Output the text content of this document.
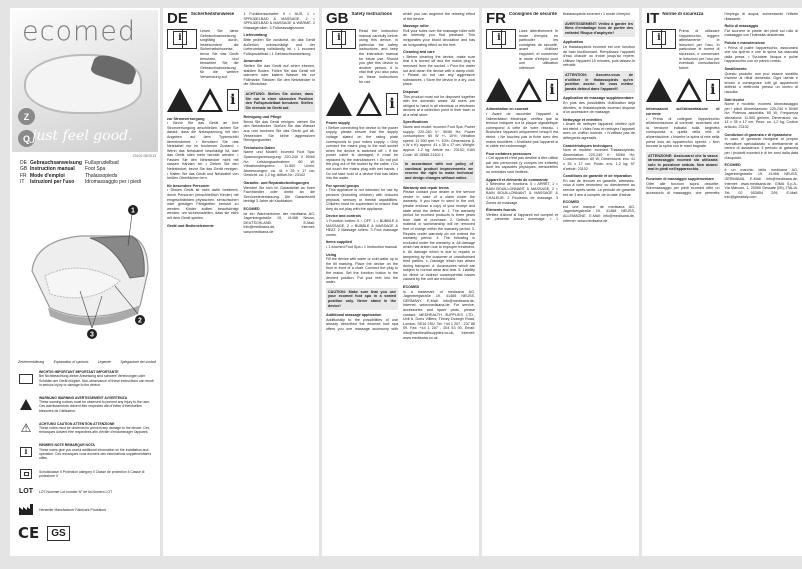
ecomed
Z
Q just feel good.
23102 08/2013
DE Gebrauchsanweisung Fußsprudelbad
GB Instruction manual	Foot Spa
FR Mode d'emploi	Thalassopieds
IT	Istruzioni per l'uso	Idromassaggio per i piedi
1
2
3
Zeichenerklärung	Explanation of symbols	Légende	Spiegazione dei simboli
WICHTIG IMPORTANT IMPORTANT IMPORTANTE
Bei Nichtbeachtung dieser Anweisung sind schwere Verletzungen oder Schäden am Gerät möglich. Non-observance of these instructions can result in serious injury or damage to the device.
WARNUNG WARNING AVERTISSEMENT AVVERTENZA
These warning notices must be observed to prevent any injury to the user. Ces avertissements doivent être respectés afin d'éviter d'éventuelles blessures de l'utilisateur.
⚠ ACHTUNG CAUTION ATTENTION ATTENZIONE
These notes must be observed to prevent any damage to the device. Ces remarques doivent être respectées afin d'éviter d'endommager l'appareil.
i
HINWEIS NOTE REMARQUE NOTA
These notes give you useful additional information on the installation and operation. Ces remarques vous donnent des informations supplémentaires utiles.
Schutzklasse II Protection category II Classe de protection II Classe di protezione II
LOT LOT-Nummer Lot number N° de lot Numero LOT
Hersteller Manufacturer Fabricant Produttore
CE	GS
DE Sicherheitshinweise
i
Lesen Sie diese Gebrauchsanweisung sorgfältig durch, insbesondere die Sicherheitshinweise, bevor Sie das Gerät benutzen, und bewahren Sie die Gebrauchsanweisung für die weitere Verwendung auf.
i
zur Stromversorgung

• Bevor Sie das Gerät an Ihre Stromversorgung anschließen, achten Sie darauf, dass die Netzspannung mit den Angaben auf dem Typenschild übereinstimmt. • Benutzen Sie das Netzkabel nur im trockenen Zustand. • Wenn das Netzkabel beschädigt ist, darf das Gerät nicht mehr benutzt werden. • Fassen Sie den Netzstecker nicht mit nassen Händen an. • Ziehen Sie den Netzstecker, bevor Sie das Gerät reinigen. • Halten Sie das Gerät und Netzkabel von heißen Oberflächen fern.

für besondere Personen

• Dieses Gerät ist nicht dafür bestimmt, durch Personen (einschließlich Kinder) mit eingeschränkten physischen, sensorischen oder geistigen Fähigkeiten benutzt zu werden. Kinder sollten beaufsichtigt werden, um sicherzustellen, dass sie nicht mit dem Gerät spielen.

Gerät und Bedienelemente

1 Funktionsschalter: 0 = AUS, 1 = SPRUDELBAD & MASSAGE, 2 = SPRUDELBAD & MASSAGE & WÄRME. 2 Massagerollen. 3 Fußmassagezonen.

Lieferumfang

Bitte prüfen Sie zunächst, ob das Gerät äußerlich unbeschädigt und der Lieferumfang vollständig ist. • 1 ecomed Fußsprudelbad • 1 Gebrauchsanweisung

Anwenden

Stellen Sie das Gerät auf einen ebenen, stabilen Boden. Füllen Sie das Gerät mit warmem oder kaltem Wasser bis zur Füllmarke. Stecken Sie den Netzstecker in die Steckdose.

ACHTUNG: Stellen Sie sicher, dass Sie nur in einer sitzenden Position den Fußsprudelbad benutzen. Stellen Sie niemals im Gerät auf.
Reinigung und Pflege

Bevor Sie das Gerät reinigen, ziehen Sie den Netzstecker. Gießen Sie das Wasser aus und trocknen Sie das Gerät gut ab. Verwenden Sie keine aggressiven Reinigungsmittel.

Technische Daten

Name und Modell: ecomed Foot Spa; Spannungsversorgung: 220-240 V 50/60 Hz; Leistungsaufnahme: 60 W; Vibrationsfrequenz: 11.500 U/min; Abmessungen: ca. 41 x 35 x 17 cm; Gewicht: ca. 1,2 kg; Artikel-Nr.: 23102

Garantie- und Reparaturbedingungen

Wenden Sie sich im Garantiefall an Ihren Fachhändler oder direkt an die Serviceniederlassung. Die Garantiezeit beträgt 3 Jahre ab Kaufdatum.

ECOMED

ist ein Warenzeichen der medisana AG. Jagenbergstraße 19, 41468 Neuss, DEUTSCHLAND. E-Mail: info@medisana.de, Internet: www.medisana.de

GB Safety Instructions
i
Read the instruction manual carefully before using this device, in particular the safety instructions, and keep the instruction manual for future use. Should you give this device to another person, it is vital that you also pass on these instructions for use.
i
Power supply

• Before connecting the device to the power supply, please ensure that the supply voltage stated on the rating plate corresponds to your mains supply. • Only connect the mains plug to the wall socket when the device is switched off. • If the power cable is damaged, it must be replaced by the manufacturer. • Do not pull the plug out of the socket by the cable. • Do not touch the mains plug with wet hands. • Do not take hold of a device that has fallen into the water.

For special groups

• This appliance is not intended for use by persons (including children) with reduced physical, sensory or mental capabilities. Children must be supervised to ensure that they do not play with the appliance.

Device and controls

1 Function button: 0 = OFF, 1 = BUBBLE & MASSAGE, 2 = BUBBLE & MASSAGE & HEAT. 2 Massage rollers. 3 Foot massage zones.

Items supplied

• 1 ecomed Foot Spa • 1 Instruction manual

Using

Fill the device with warm or cold water up to the fill marking. Place the device on the floor in front of a chair. Connect the plug to the mains. Set the function button to the desired position. Put your feet into the water.

CAUTION: Make sure that you use your ecomed foot spa in a seated position only. Never stand in the device!
Additional massage application

Additionally to the possibilities of use already described the ecomed foot spa offers you one massage accessory with which you can augment the relaxing effect of the device.

Massage roller

Roll your soles over the massage roller with an intensity you find pleasant. This invigorates your blood circulation and has an invigorating effect on the feet.

Cleaning and care

• Before cleaning the device, make sure that it is turned off and the mains plug is removed from the socket. • Pour the water out and clean the device with a damp cloth. • Please do not use any aggressive substances. • Store the device in a dry, cool place.

Disposal

This product must not be disposed together with the domestic waste. All users are obliged to hand in all electrical or electronic devices at a collection point in their town or at a retail store.

Specifications

Name and model: ecomed Foot Spa; Power supply: 220-240 V~ 50/60 Hz; Power consumption: 60 W +/- 10%; Vibration speed: 11 500 rpm +/- 10%; Dimensions (L x W x H): approx. 41 x 35 x 17 cm; Weight: approx. 1.2 kg; Article no.: 23102; EAN Code: 40 15588 23102 1

In accordance with our policy of continual product improvements we reserve the right to make technical and design changes without notice.
Warranty and repair terms

Please contact your dealer or the service centre in case of a claim under the warranty. If you have to send in the unit, please enclose a copy of your receipt and state what the defect is. 1. The warranty period for ecomed products is three years from date of purchase. 2. Defects in material or workmanship will be removed free of charge within the warranty period. 3. Repairs under warranty do not extend the warranty period. 4. The following is excluded under the warranty: a. All damage which has arisen due to improper treatment. b. All damage which is due to repairs or tampering by the customer or unauthorised third parties. c. Damage which has arisen during transport. d. Accessories which are subject to normal wear and tear. 5. Liability for direct or indirect consequential losses caused by the unit are excluded.

ECOMED

is a trademark of medisana AG, Jagenbergstraße 19, 41468 NEUSS, GERMANY. E-Mail: info@medisana.de, Internet: www.medisana.de. For service, accessories and spare parts, please contact: MEDHEALTH SUPPLIES LTD., Unit 6, Doris Villiers, Tinney Dosegh Road, London, SE16 2SU. Tel: +44 1 207 - 237 88 09, Fax: +44 1 207 - 204 53 00, Email: info@medhealthsupplies.co.uk, Internet: www.medisana.co.uk

FR Consignes de sécurité
i
Lisez attentivement le mode d'emploi, en particulier les consignes de sécurité, avant d'utiliser l'appareil, et conservez le mode d'emploi pour une utilisation ultérieure.
i
Alimentation en courant

• Avant de raccorder l'appareil à l'alimentation électrique, vérifiez que la tension indiquée sur la plaque signalétique correspond à celle de votre réseau. • Branchez l'appareil uniquement lorsqu'il est éteint. • Ne touchez pas la fiche avec des mains mouillées. • N'utilisez pas l'appareil si le câble est endommagé.

Pour certaines personnes

• Cet appareil n'est pas destiné à être utilisé par des personnes (y compris les enfants) dont les capacités physiques, sensorielles ou mentales sont limitées.

Appareil et éléments de commande

1 Sélecteur de fonctions: 0 = ARRÊT, 1 = BAIN BOUILLONNANT & MASSAGE, 2 = BAIN BOUILLONNANT & MASSAGE & CHALEUR. 2 Rouleaux de massage. 3 Zones de massage.

Éléments fournis

Vérifiez d'abord si l'appareil est complet et ne présente aucun dommage. • 1 thalassopieds ecomed • 1 mode d'emploi

AVERTISSEMENT: Veillez à garder les films d'emballage hors de portée des enfants! Risque d'asphyxie!
Application

Le thalassopieds ecomed est une fonction de bain bouillonnant. Remplissez l'appareil d'eau chaude ou froide jusqu'au repère. Utilisez l'appareil 15 minutes, puis laissez-le refroidir.

ATTENTION: Assurez-vous de n'utiliser le thalassopieds qu'en position assise. Ne vous mettez jamais debout dans l'appareil!
Application de massage supplémentaire

En plus des possibilités d'utilisation déjà décrites, le thalassopieds ecomed dispose d'un accessoire de massage.

Nettoyage et entretien

• Avant de nettoyer l'appareil, vérifiez qu'il est éteint. • Videz l'eau et nettoyez l'appareil avec un chiffon humide. • N'utilisez pas de détergents agressifs.

Caractéristiques techniques

Nom et modèle: ecomed Thalassopieds; Alimentation: 220-240 V~ 50/60 Hz; Consommation: 60 W; Dimensions: env. 41 x 35 x 17 cm; Poids: env. 1,2 kg; N° d'article: 23102

Conditions de garantie et de réparation

En cas de recours en garantie, adressez-vous à votre revendeur ou directement au service après-vente. La période de garantie est de 3 ans à compter de la date d'achat.

ECOMED

est une marque de medisana AG, Jagenbergstraße 19, 41468 NEUSS, ALLEMAGNE. E-Mail: info@medisana.de, Internet: www.medisana.de

IT Norme di sicurezza
i
Prima di utilizzare l'apparecchio, leggere attentamente le istruzioni per l'uso, in particolare le norme di sicurezza, e conservare le istruzioni per l'uso per eventuali consultazioni future.
i
Informazioni sull'alimentazione di corrente

• Prima di collegare l'apparecchio all'alimentazione di corrente, accertarsi che la tensione indicata sulla targhetta corrisponda a quella della rete di alimentazione. • Inserire la spina di rete nella presa solo ad apparecchio spento. • Non toccare la spina con le mani bagnate.

ATTENZIONE: Assicurarsi che la vasca idromassaggio ecomed sia utilizzata solo in posizione seduta. Non alzarsi mai in piedi nell'apparecchio.
Funzione di massaggio supplementare

Oltre alle funzioni sopra descritte, l'idromassaggio per piedi ecomed offre un accessorio di massaggio, che permette l'impiego di acqua, aumentando l'effetto rilassante.

Rullo di massaggio

Far scorrere le piante dei piedi sul rullo di massaggio con l'intensità desiderata.

Pulizia e manutenzione

• Prima di pulire l'apparecchio, assicurarsi che sia spento e che la spina sia staccata dalla presa. • Svuotare l'acqua e pulire l'apparecchio con un panno umido.

Smaltimento

Questo prodotto non può essere smaltito insieme ai rifiuti domestici. Ogni utente è tenuto a consegnare tutti gli apparecchi elettrici o elettronici presso un centro di raccolta.

Dati tecnici

Nome e modello: ecomed Idromassaggio per i piedi; Alimentazione: 220-240 V 50/60 Hz; Potenza assorbita: 60 W; Frequenza vibrazione: 11.500 giri/min; Dimensioni: ca. 41 x 35 x 17 cm; Peso: ca. 1,2 kg; Codice articolo: 23102

Condizioni di garanzia e di riparazione

In caso di garanzia rivolgersi al proprio rivenditore specializzato o direttamente al centro di assistenza. Il periodo di garanzia per i prodotti ecomed è di tre anni dalla data d'acquisto.

ECOMED

è un marchio della medisana AG, Jagenbergstraße 19, 41468 NEUSS, GERMANIA. E-Mail: info@medisana.de, Internet: www.medisana.de. GIMA S.p.A., Via Marconi, 1, 20060 Gessate (MI), ITALIA. Tel: 02 953854 209, E-Mail: info@gimaitaly.com
